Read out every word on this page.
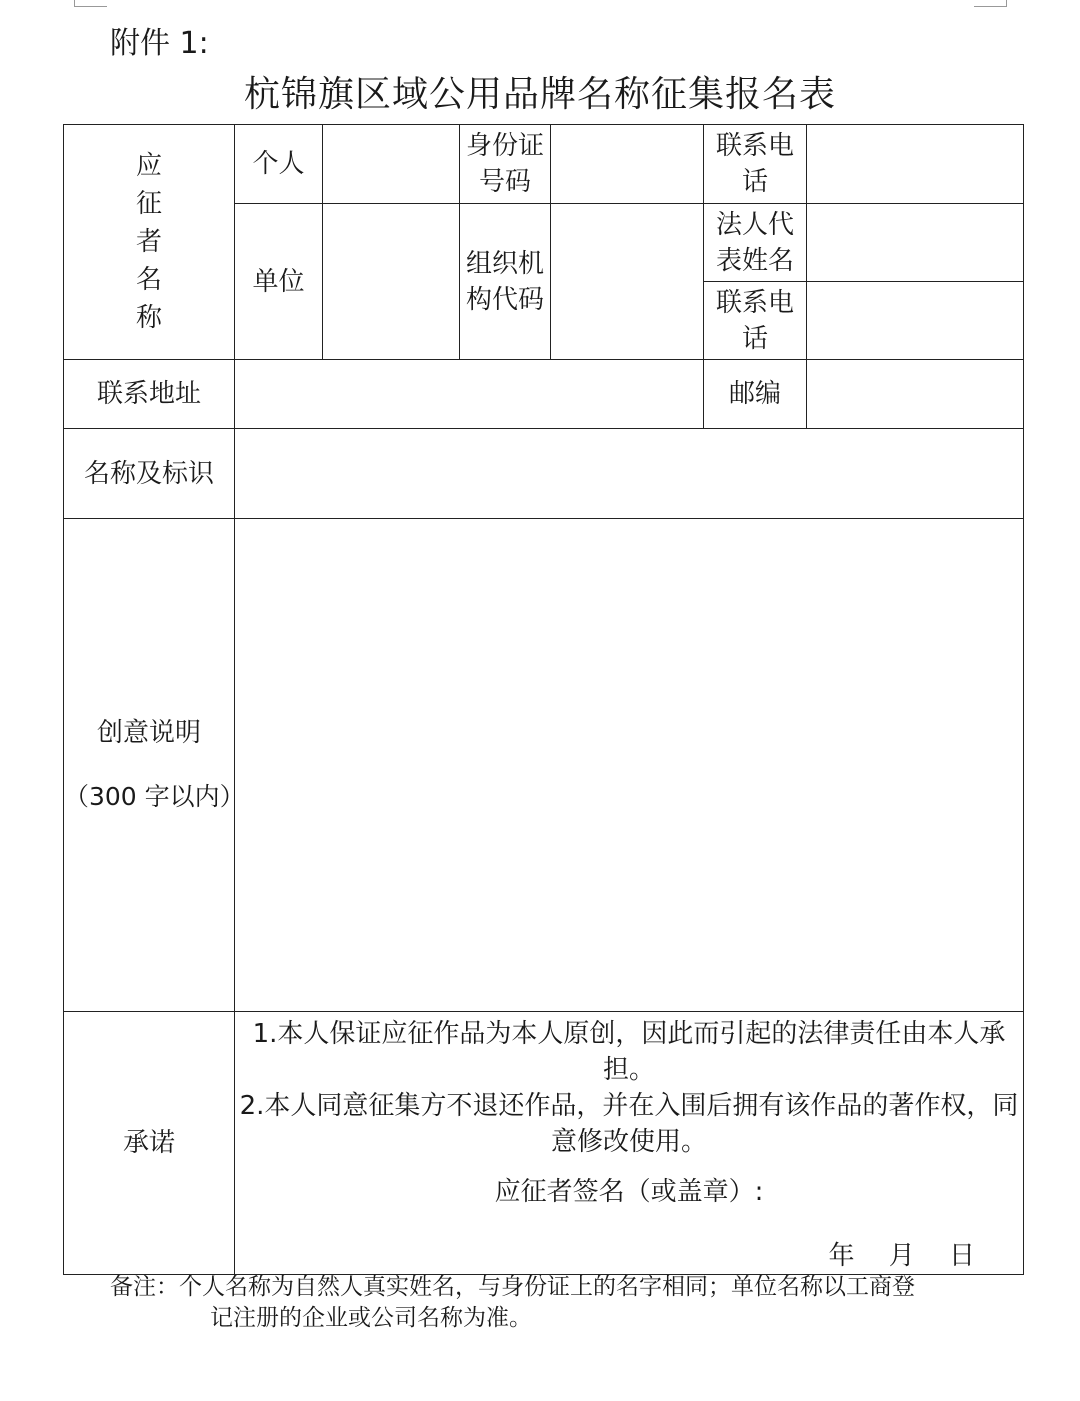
附件 1:
杭锦旗区域公用品牌名称征集报名表
应征者名称	个人		身份证号码		联系电话	
	单位		组织机构代码		法人代表姓名	
					联系电话	
联系地址					邮编	
名称及标识						

创意说明
（300 字以内）						

承诺	1.本人保证应征作品为本人原创，因此而引起的法律责任由本人承担。

2.本人同意征集方不退还作品，并在入围后拥有该作品的著作权，同意修改使用。

应征者签名（或盖章）:

年 月 日					

备注：个人名称为自然人真实姓名，与身份证上的名字相同；单位名称以工商登
记注册的企业或公司名称为准。
